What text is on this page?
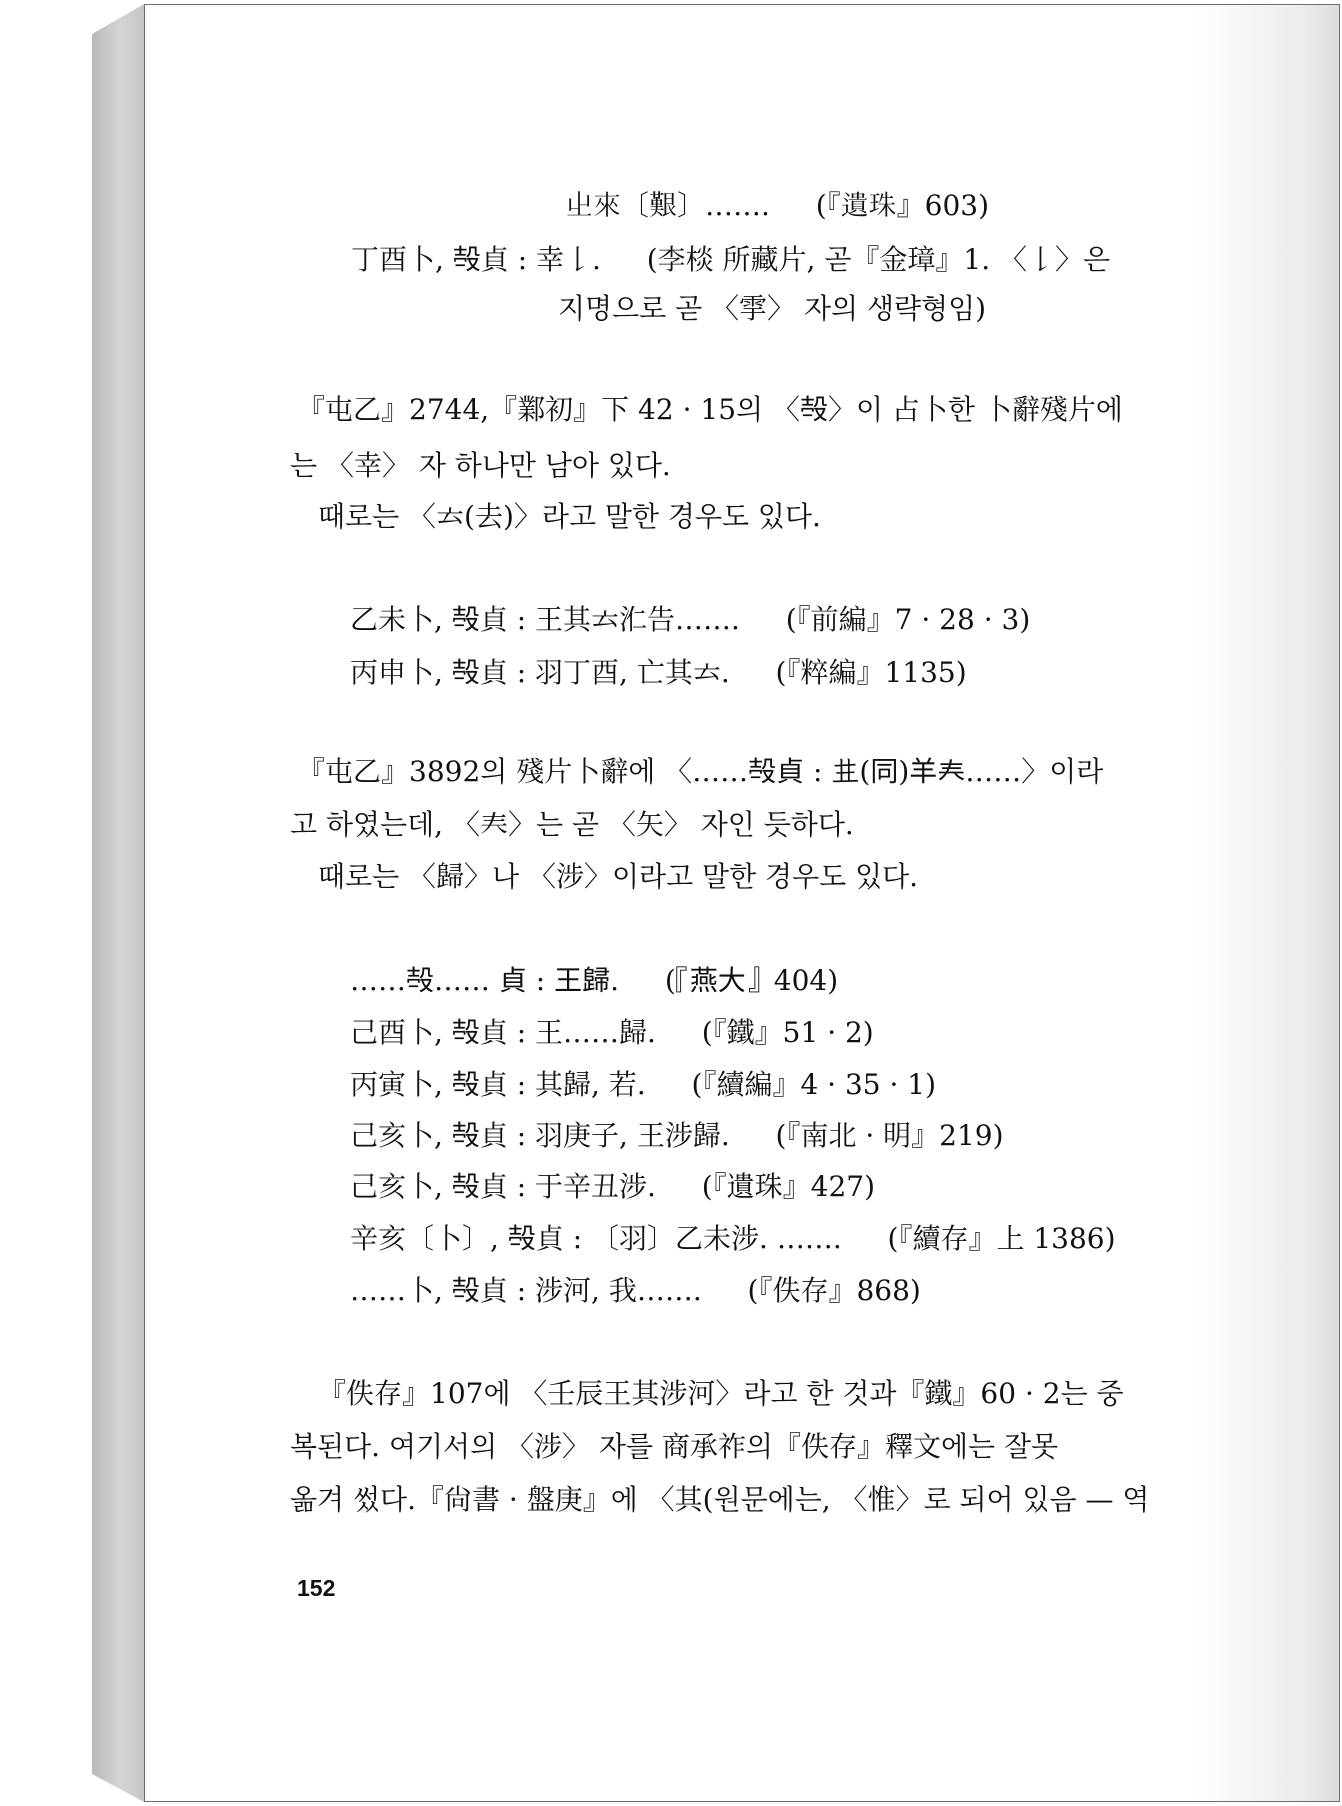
𡳿來〔艱〕……. 　 (『遺珠』603)
丁酉卜, 𣪊貞 : 幸𠄌. 　 (李棪 所藏片, 곧『金璋』1. 〈𠄌〉은
지명으로 곧 〈𩁹〉 자의 생략형임)
『屯乙』2744,『鄴初』下 42 · 15의 〈𣪊〉이 占卜한 卜辭殘片에
는 〈幸〉 자 하나만 남아 있다.
때로는 〈𠫓(去)〉라고 말한 경우도 있다.
乙未卜, 𣪊貞 : 王其𠫓𣲚告……. 　 (『前編』7 · 28 · 3)
丙申卜, 𣪊貞 : 羽丁酉, 亡其𠫓. 　 (『粹編』1135)
『屯乙』3892의 殘片卜辭에 〈……𣪊貞 : 𠀎(同)羊𡗗……〉이라
고 하였는데, 〈𡗗〉는 곧 〈矢〉 자인 듯하다.
때로는 〈歸〉나 〈涉〉이라고 말한 경우도 있다.
……𣪊…… 貞 : 王歸. 　 (『燕大』404)
己酉卜, 𣪊貞 : 王……歸. 　 (『鐵』51 · 2)
丙寅卜, 𣪊貞 : 其歸, 若. 　 (『續編』4 · 35 · 1)
己亥卜, 𣪊貞 : 羽庚子, 王涉歸. 　 (『南北 · 明』219)
己亥卜, 𣪊貞 : 于辛丑涉. 　 (『遺珠』427)
辛亥〔卜〕, 𣪊貞 : 〔羽〕乙未涉. ……. 　 (『續存』上 1386)
……卜, 𣪊貞 : 涉河, 我……. 　 (『佚存』868)
『佚存』107에 〈壬辰王其涉河〉라고 한 것과『鐵』60 · 2는 중
복된다. 여기서의 〈涉〉 자를 商承祚의『佚存』釋文에는 잘못
옮겨 썼다.『尙書 · 盤庚』에 〈其(원문에는, 〈惟〉로 되어 있음 — 역
152
